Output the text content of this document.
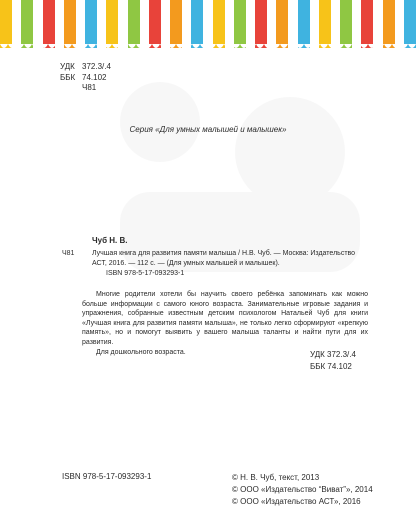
УДК 372.3/.4
ББК 74.102
Ч81
Серия «Для умных малышей и малышек»
Чуб Н. В.
Ч81	Лучшая книга для развития памяти малыша / Н.В. Чуб. — Москва: Издательство АСТ, 2016. — 112 с. — (Для умных малышей и малышек).
ISBN 978-5-17-093293-1

Многие родители хотели бы научить своего ребёнка запоминать как можно больше информации с самого юного возраста. Занимательные игровые задания и упражнения, собранные известным детским психологом Натальей Чуб для книги «Лучшая книга для развития памяти малыша», не только легко сформируют «крепкую память», но и помогут выявить у вашего малыша таланты и найти пути для их развития.

Для дошкольного возраста.	УДК 372.3/.4
ББК 74.102
ISBN 978-5-17-093293-1	© Н. В. Чуб, текст, 2013
© ООО «Издательство “Виват”», 2014
© ООО «Издательство АСТ», 2016
